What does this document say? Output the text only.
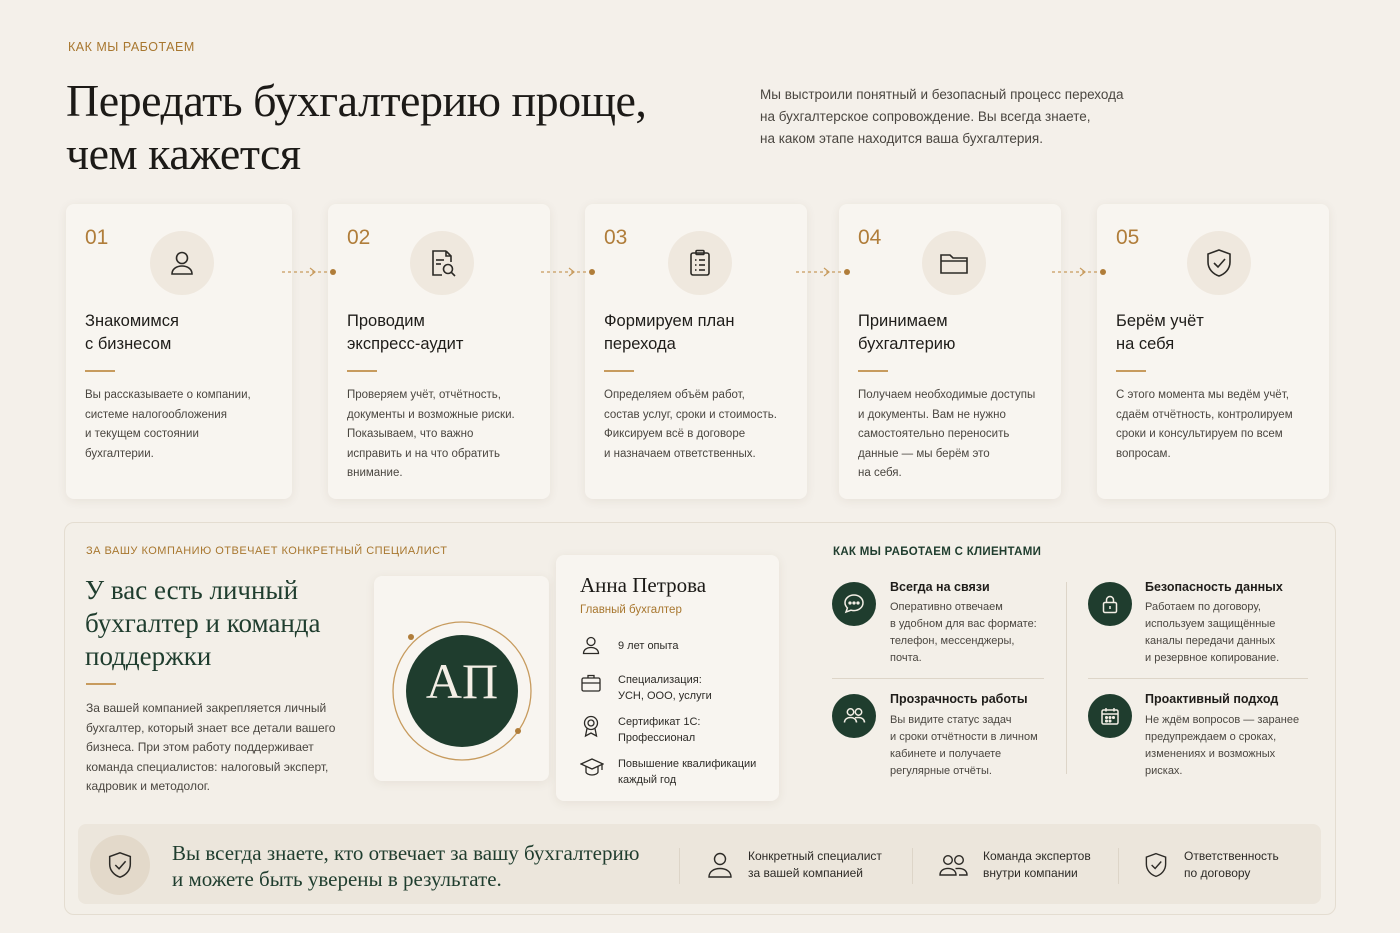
КАК МЫ РАБОТАЕМ
Передать бухгалтерию проще,
чем кажется
Мы выстроили понятный и безопасный процесс перехода
на бухгалтерское сопровождение. Вы всегда знаете,
на каком этапе находится ваша бухгалтерия.
01
Знакомимся
с бизнесом
Вы рассказываете о компании,
системе налогообложения
и текущем состоянии
бухгалтерии.
02
Проводим
экспресс-аудит
Проверяем учёт, отчётность,
документы и возможные риски.
Показываем, что важно
исправить и на что обратить
внимание.
03
Формируем план
перехода
Определяем объём работ,
состав услуг, сроки и стоимость.
Фиксируем всё в договоре
и назначаем ответственных.
04
Принимаем
бухгалтерию
Получаем необходимые доступы
и документы. Вам не нужно
самостоятельно переносить
данные — мы берём это
на себя.
05
Берём учёт
на себя
С этого момента мы ведём учёт,
сдаём отчётность, контролируем
сроки и консультируем по всем
вопросам.
ЗА ВАШУ КОМПАНИЮ ОТВЕЧАЕТ КОНКРЕТНЫЙ СПЕЦИАЛИСТ
У вас есть личный
бухгалтер и команда
поддержки
За вашей компанией закрепляется личный
бухгалтер, который знает все детали вашего
бизнеса. При этом работу поддерживает
команда специалистов: налоговый эксперт,
кадровик и методолог.
АП
Анна Петрова
Главный бухгалтер
9 лет опыта
Специализация:
УСН, ООО, услуги
Сертификат 1С:
Профессионал
Повышение квалификации
каждый год
КАК МЫ РАБОТАЕМ С КЛИЕНТАМИ
Всегда на связи
Оперативно отвечаем
в удобном для вас формате:
телефон, мессенджеры,
почта.
Безопасность данных
Работаем по договору,
используем защищённые
каналы передачи данных
и резервное копирование.
Прозрачность работы
Вы видите статус задач
и сроки отчётности в личном
кабинете и получаете
регулярные отчёты.
Проактивный подход
Не ждём вопросов — заранее
предупреждаем о сроках,
изменениях и возможных
рисках.
Вы всегда знаете, кто отвечает за вашу бухгалтерию
и можете быть уверены в результате.
Конкретный специалист
за вашей компанией
Команда экспертов
внутри компании
Ответственность
по договору
